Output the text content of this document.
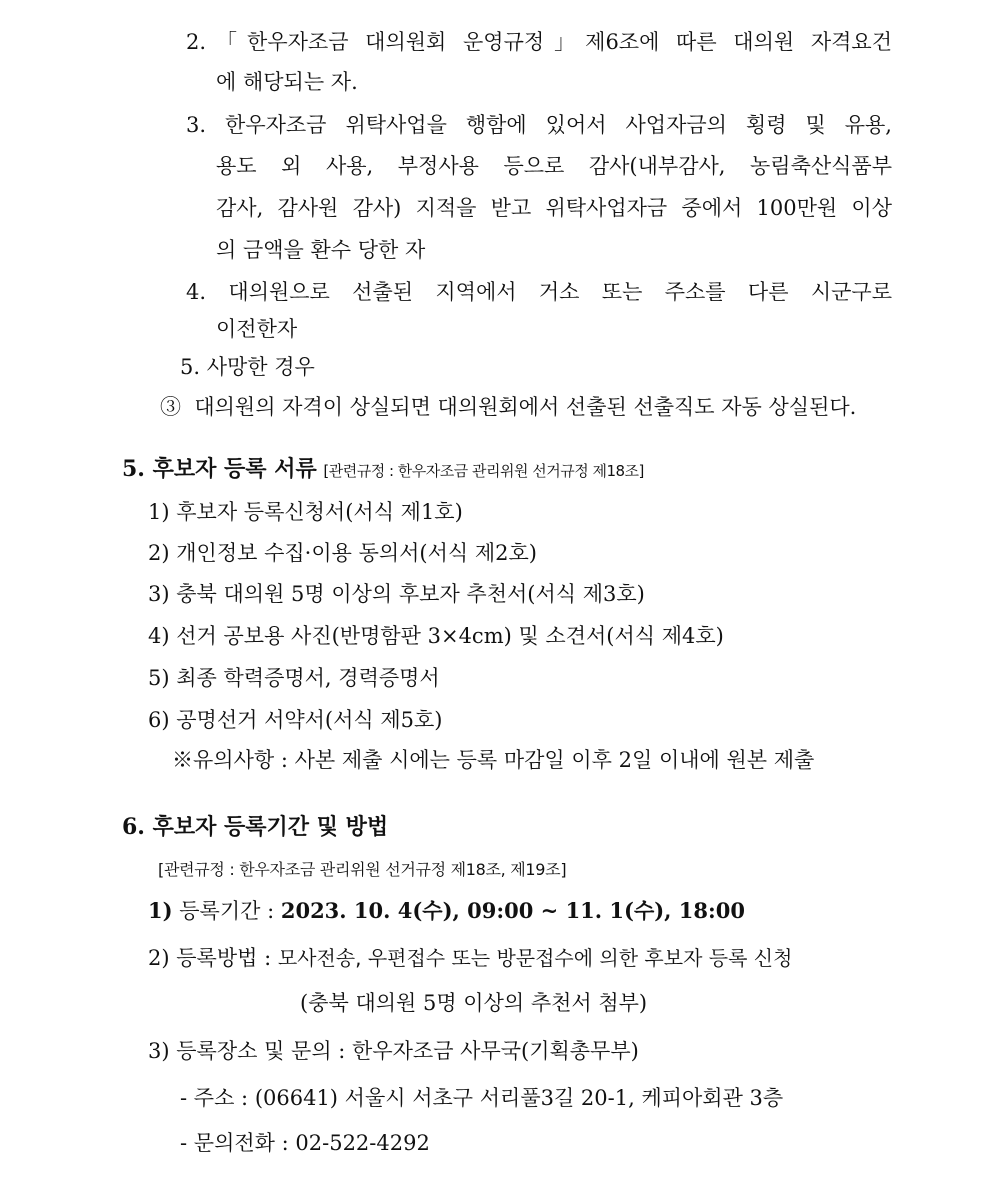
2.「한우자조금 대의원회 운영규정」제6조에 따른 대의원 자격요건
에 해당되는 자.
3. 한우자조금 위탁사업을 행함에 있어서 사업자금의 횡령 및 유용,
용도 외 사용, 부정사용 등으로 감사(내부감사, 농림축산식품부
감사, 감사원 감사) 지적을 받고 위탁사업자금 중에서 100만원 이상
의 금액을 환수 당한 자
4. 대의원으로 선출된 지역에서 거소 또는 주소를 다른 시군구로
이전한자
5. 사망한 경우
③ 대의원의 자격이 상실되면 대의원회에서 선출된 선출직도 자동 상실된다.
5. 후보자 등록 서류 [관련규정 : 한우자조금 관리위원 선거규정 제18조]
1) 후보자 등록신청서(서식 제1호)
2) 개인정보 수집·이용 동의서(서식 제2호)
3) 충북 대의원 5명 이상의 후보자 추천서(서식 제3호)
4) 선거 공보용 사진(반명함판 3×4cm) 및 소견서(서식 제4호)
5) 최종 학력증명서, 경력증명서
6) 공명선거 서약서(서식 제5호)
※유의사항 : 사본 제출 시에는 등록 마감일 이후 2일 이내에 원본 제출
6. 후보자 등록기간 및 방법
[관련규정 : 한우자조금 관리위원 선거규정 제18조, 제19조]
1) 등록기간 : 2023. 10. 4(수), 09:00 ~ 11. 1(수), 18:00
2) 등록방법 : 모사전송, 우편접수 또는 방문접수에 의한 후보자 등록 신청
(충북 대의원 5명 이상의 추천서 첨부)
3) 등록장소 및 문의 : 한우자조금 사무국(기획총무부)
- 주소 : (06641) 서울시 서초구 서리풀3길 20-1, 케피아회관 3층
- 문의전화 : 02-522-4292
